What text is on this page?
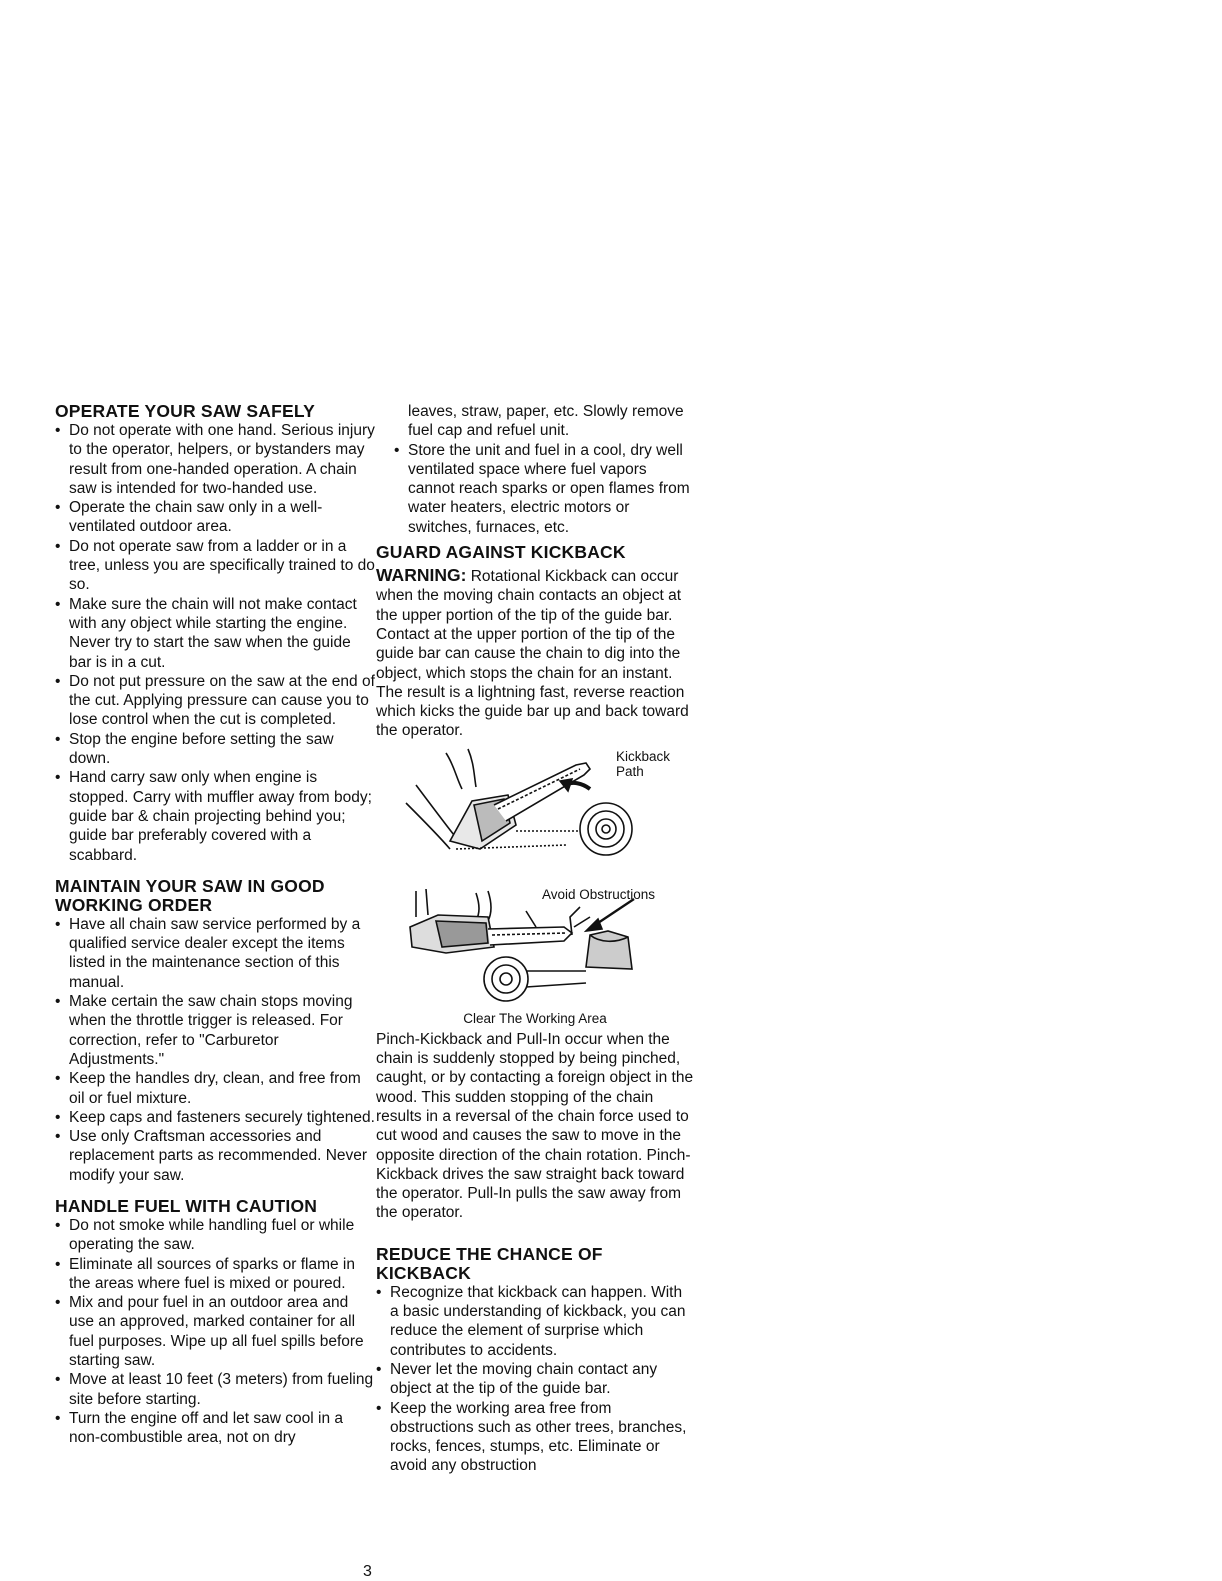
OPERATE YOUR SAW SAFELY
• Do not operate with one hand. Serious injury to the operator, helpers, or bystanders may result from one-handed operation. A chain saw is intended for two-handed use.
• Operate the chain saw only in a well-ventilated outdoor area.
• Do not operate saw from a ladder or in a tree, unless you are specifically trained to do so.
• Make sure the chain will not make contact with any object while starting the engine. Never try to start the saw when the guide bar is in a cut.
• Do not put pressure on the saw at the end of the cut. Applying pressure can cause you to lose control when the cut is completed.
• Stop the engine before setting the saw down.
• Hand carry saw only when engine is stopped. Carry with muffler away from body; guide bar & chain projecting behind you; guide bar preferably covered with a scabbard.
MAINTAIN YOUR SAW IN GOOD WORKING ORDER
• Have all chain saw service performed by a qualified service dealer except the items listed in the maintenance section of this manual.
• Make certain the saw chain stops moving when the throttle trigger is released. For correction, refer to "Carburetor Adjustments."
• Keep the handles dry, clean, and free from oil or fuel mixture.
• Keep caps and fasteners securely tightened.
• Use only Craftsman accessories and replacement parts as recommended. Never modify your saw.
HANDLE FUEL WITH CAUTION
• Do not smoke while handling fuel or while operating the saw.
• Eliminate all sources of sparks or flame in the areas where fuel is mixed or poured.
• Mix and pour fuel in an outdoor area and use an approved, marked container for all fuel purposes. Wipe up all fuel spills before starting saw.
• Move at least 10 feet (3 meters) from fueling site before starting.
• Turn the engine off and let saw cool in a non-combustible area, not on dry

leaves, straw, paper, etc. Slowly remove fuel cap and refuel unit.

• Store the unit and fuel in a cool, dry well ventilated space where fuel vapors cannot reach sparks or open flames from water heaters, electric motors or switches, furnaces, etc.
GUARD AGAINST KICKBACK

WARNING: Rotational Kickback can occur when the moving chain contacts an object at the upper portion of the tip of the guide bar. Contact at the upper portion of the tip of the guide bar can cause the chain to dig into the object, which stops the chain for an instant. The result is a lightning fast, reverse reaction which kicks the guide bar up and back toward the operator.

Kickback Path
Avoid Obstructions
Clear The Working Area

Pinch-Kickback and Pull-In occur when the chain is suddenly stopped by being pinched, caught, or by contacting a foreign object in the wood. This sudden stopping of the chain results in a reversal of the chain force used to cut wood and causes the saw to move in the opposite direction of the chain rotation. Pinch-Kickback drives the saw straight back toward the operator. Pull-In pulls the saw away from the operator.

REDUCE THE CHANCE OF KICKBACK
• Recognize that kickback can happen. With a basic understanding of kickback, you can reduce the element of surprise which contributes to accidents.
• Never let the moving chain contact any object at the tip of the guide bar.
• Keep the working area free from obstructions such as other trees, branches, rocks, fences, stumps, etc. Eliminate or avoid any obstruction
3
